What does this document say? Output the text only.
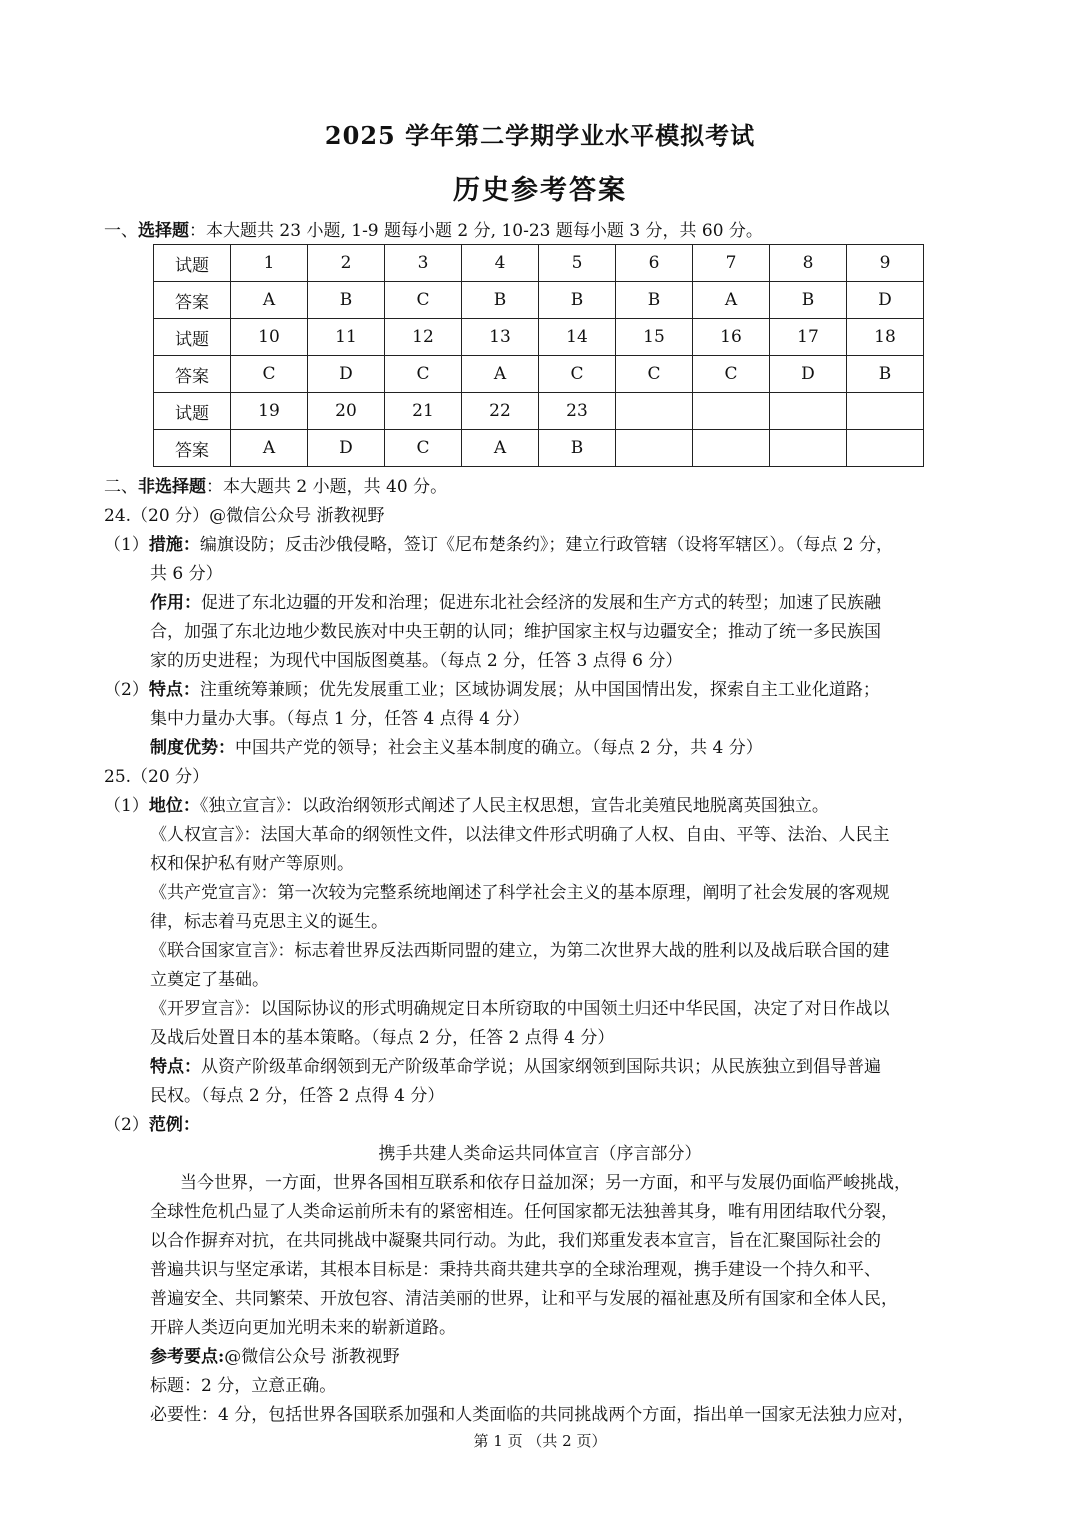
2025 学年第二学期学业水平模拟考试
历史参考答案
一、选择题：本大题共 23 小题, 1-9 题每小题 2 分, 10-23 题每小题 3 分，共 60 分。
试题	1	2	3	4	5	6	7	8	9
答案	A	B	C	B	B	B	A	B	D
试题	10	11	12	13	14	15	16	17	18
答案	C	D	C	A	C	C	C	D	B
试题	19	20	21	22	23				
答案	A	D	C	A	B				
二、非选择题：本大题共 2 小题，共 40 分。
24.（20 分）@微信公众号 浙教视野
（1）措施：编旗设防；反击沙俄侵略，签订《尼布楚条约》；建立行政管辖（设将军辖区）。（每点 2 分，
共 6 分）
作用：促进了东北边疆的开发和治理；促进东北社会经济的发展和生产方式的转型；加速了民族融
合，加强了东北边地少数民族对中央王朝的认同；维护国家主权与边疆安全；推动了统一多民族国
家的历史进程；为现代中国版图奠基。（每点 2 分，任答 3 点得 6 分）
（2）特点：注重统筹兼顾；优先发展重工业；区域协调发展；从中国国情出发，探索自主工业化道路；
集中力量办大事。（每点 1 分，任答 4 点得 4 分）
制度优势：中国共产党的领导；社会主义基本制度的确立。（每点 2 分，共 4 分）
25.（20 分）
（1）地位：《独立宣言》：以政治纲领形式阐述了人民主权思想，宣告北美殖民地脱离英国独立。
《人权宣言》：法国大革命的纲领性文件，以法律文件形式明确了人权、自由、平等、法治、人民主
权和保护私有财产等原则。
《共产党宣言》：第一次较为完整系统地阐述了科学社会主义的基本原理，阐明了社会发展的客观规
律，标志着马克思主义的诞生。
《联合国家宣言》：标志着世界反法西斯同盟的建立，为第二次世界大战的胜利以及战后联合国的建
立奠定了基础。
《开罗宣言》：以国际协议的形式明确规定日本所窃取的中国领土归还中华民国，决定了对日作战以
及战后处置日本的基本策略。（每点 2 分，任答 2 点得 4 分）
特点：从资产阶级革命纲领到无产阶级革命学说；从国家纲领到国际共识；从民族独立到倡导普遍
民权。（每点 2 分，任答 2 点得 4 分）
（2）范例：
携手共建人类命运共同体宣言（序言部分）
当今世界，一方面，世界各国相互联系和依存日益加深；另一方面，和平与发展仍面临严峻挑战，
全球性危机凸显了人类命运前所未有的紧密相连。任何国家都无法独善其身，唯有用团结取代分裂，
以合作摒弃对抗，在共同挑战中凝聚共同行动。为此，我们郑重发表本宣言，旨在汇聚国际社会的
普遍共识与坚定承诺，其根本目标是：秉持共商共建共享的全球治理观，携手建设一个持久和平、
普遍安全、共同繁荣、开放包容、清洁美丽的世界，让和平与发展的福祉惠及所有国家和全体人民，
开辟人类迈向更加光明未来的崭新道路。
参考要点:@微信公众号 浙教视野
标题：2 分，立意正确。
必要性：4 分，包括世界各国联系加强和人类面临的共同挑战两个方面，指出单一国家无法独力应对，
第 1 页 （共 2 页）
